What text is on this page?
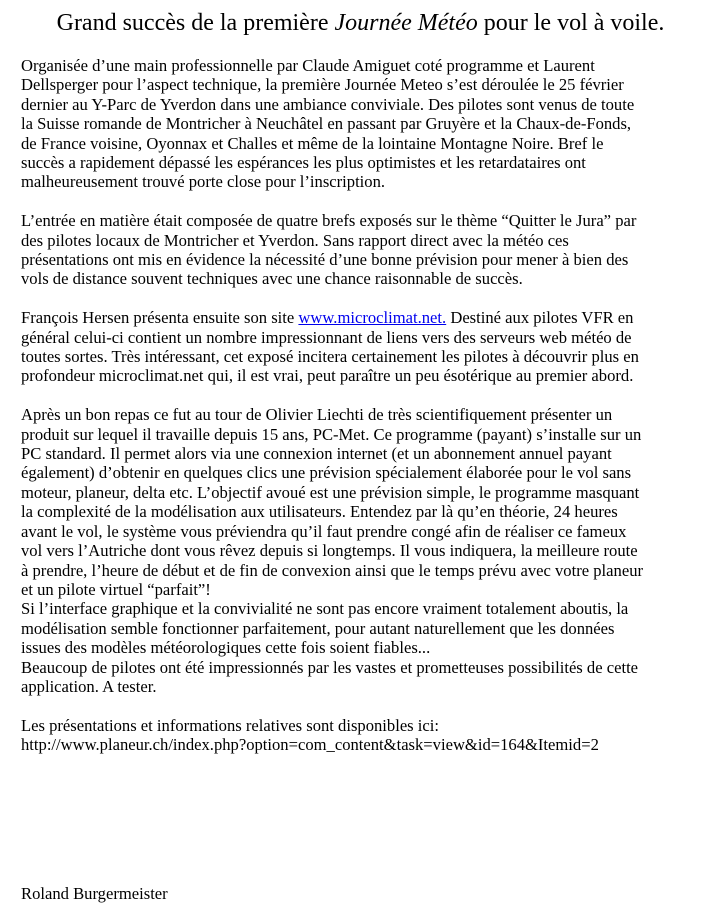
Grand succès de la première Journée Météo pour le vol à voile.
Organisée d’une main professionnelle par Claude Amiguet coté programme et Laurent
Dellsperger pour l’aspect technique, la première Journée Meteo s’est déroulée le 25 février
dernier au Y-Parc de Yverdon dans une ambiance conviviale. Des pilotes sont venus de toute
la Suisse romande de Montricher à Neuchâtel en passant par Gruyère et la Chaux-de-Fonds,
de France voisine, Oyonnax et Challes et même de la lointaine Montagne Noire. Bref le
succès a rapidement dépassé les espérances les plus optimistes et les retardataires ont
malheureusement trouvé porte close pour l’inscription.
L’entrée en matière était composée de quatre brefs exposés sur le thème “Quitter le Jura” par
des pilotes locaux de Montricher et Yverdon. Sans rapport direct avec la météo ces
présentations ont mis en évidence la nécessité d’une bonne prévision pour mener à bien des
vols de distance souvent techniques avec une chance raisonnable de succès.
François Hersen présenta ensuite son site www.microclimat.net. Destiné aux pilotes VFR en
général celui-ci contient un nombre impressionnant de liens vers des serveurs web météo de
toutes sortes. Très intéressant, cet exposé incitera certainement les pilotes à découvrir plus en
profondeur microclimat.net qui, il est vrai, peut paraître un peu ésotérique au premier abord.
Après un bon repas ce fut au tour de Olivier Liechti de très scientifiquement présenter un
produit sur lequel il travaille depuis 15 ans, PC-Met. Ce programme (payant) s’installe sur un
PC standard. Il permet alors via une connexion internet (et un abonnement annuel payant
également) d’obtenir en quelques clics une prévision spécialement élaborée pour le vol sans
moteur, planeur, delta etc. L’objectif avoué est une prévision simple, le programme masquant
la complexité de la modélisation aux utilisateurs. Entendez par là qu’en théorie, 24 heures
avant le vol, le système vous préviendra qu’il faut prendre congé afin de réaliser ce fameux
vol vers l’Autriche dont vous rêvez depuis si longtemps. Il vous indiquera, la meilleure route
à prendre, l’heure de début et de fin de convexion ainsi que le temps prévu avec votre planeur
et un pilote virtuel “parfait”!
Si l’interface graphique et la convivialité ne sont pas encore vraiment totalement aboutis, la
modélisation semble fonctionner parfaitement, pour autant naturellement que les données
issues des modèles météorologiques cette fois soient fiables...
Beaucoup de pilotes ont été impressionnés par les vastes et prometteuses possibilités de cette
application. A tester.
Les présentations et informations relatives sont disponibles ici:
http://www.planeur.ch/index.php?option=com_content&task=view&id=164&Itemid=2
Roland Burgermeister
